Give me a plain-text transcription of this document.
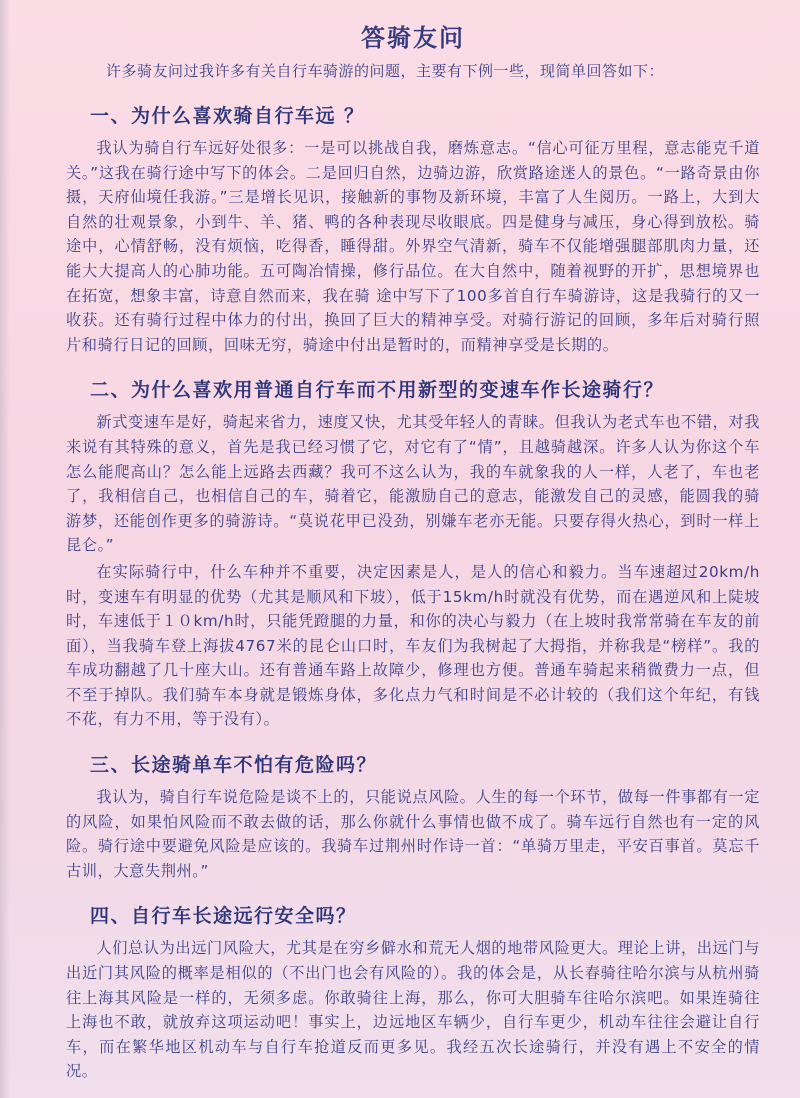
答骑友问

许多骑友问过我许多有关自行车骑游的问题，主要有下例一些，现简单回答如下：

一、为什么喜欢骑自行车远 ？

我认为骑自行车远好处很多：一是可以挑战自我，磨炼意志。“信心可征万里程，意志能克千道关。”这我在骑行途中写下的体会。二是回归自然，边骑边游，欣赏路途迷人的景色。“一路奇景由你摄，天府仙境任我游。”三是增长见识，接触新的事物及新环境，丰富了人生阅历。一路上，大到大自然的壮观景象，小到牛、羊、猪、鸭的各种表现尽收眼底。四是健身与减压，身心得到放松。骑途中，心情舒畅，没有烦恼，吃得香，睡得甜。外界空气清新，骑车不仅能增强腿部肌肉力量，还能大大提高人的心肺功能。五可陶冶情操，修行品位。在大自然中，随着视野的开扩，思想境界也在拓宽，想象丰富，诗意自然而来，我在骑 途中写下了100多首自行车骑游诗，这是我骑行的又一收获。还有骑行过程中体力的付出，换回了巨大的精神享受。对骑行游记的回顾，多年后对骑行照片和骑行日记的回顾，回味无穷，骑途中付出是暂时的，而精神享受是长期的。

二、为什么喜欢用普通自行车而不用新型的变速车作长途骑行？

新式变速车是好，骑起来省力，速度又快，尤其受年轻人的青睐。但我认为老式车也不错，对我来说有其特殊的意义，首先是我已经习惯了它，对它有了“情”，且越骑越深。许多人认为你这个车怎么能爬高山？怎么能上远路去西藏？我可不这么认为，我的车就象我的人一样，人老了，车也老了，我相信自己，也相信自己的车，骑着它，能激励自己的意志，能激发自己的灵感，能圆我的骑游梦，还能创作更多的骑游诗。“莫说花甲已没劲，别嫌车老亦无能。只要存得火热心，到时一样上昆仑。”

在实际骑行中，什么车种并不重要，决定因素是人，是人的信心和毅力。当车速超过20km/h时，变速车有明显的优势（尤其是顺风和下坡），低于15km/h时就没有优势，而在遇逆风和上陡坡时，车速低于１０km/h时，只能凭蹬腿的力量，和你的决心与毅力（在上坡时我常常骑在车友的前面），当我骑车登上海拔4767米的昆仑山口时，车友们为我树起了大拇指，并称我是“榜样”。我的车成功翻越了几十座大山。还有普通车路上故障少，修理也方便。普通车骑起来稍微费力一点，但不至于掉队。我们骑车本身就是锻炼身体，多化点力气和时间是不必计较的（我们这个年纪，有钱不花，有力不用，等于没有）。

三、长途骑单车不怕有危险吗？

我认为，骑自行车说危险是谈不上的，只能说点风险。人生的每一个环节，做每一件事都有一定的风险，如果怕风险而不敢去做的话，那么你就什么事情也做不成了。骑车远行自然也有一定的风险。骑行途中要避免风险是应该的。我骑车过荆州时作诗一首：“单骑万里走，平安百事首。莫忘千古训，大意失荆州。”

四、自行车长途远行安全吗？

人们总认为出远门风险大，尤其是在穷乡僻水和荒无人烟的地带风险更大。理论上讲，出远门与出近门其风险的概率是相似的（不出门也会有风险的）。我的体会是，从长春骑往哈尔滨与从杭州骑往上海其风险是一样的，无须多虑。你敢骑往上海，那么，你可大胆骑车往哈尔滨吧。如果连骑往上海也不敢，就放弃这项运动吧！事实上，边远地区车辆少，自行车更少，机动车往往会避让自行车，而在繁华地区机动车与自行车抢道反而更多见。我经五次长途骑行，并没有遇上不安全的情况。
